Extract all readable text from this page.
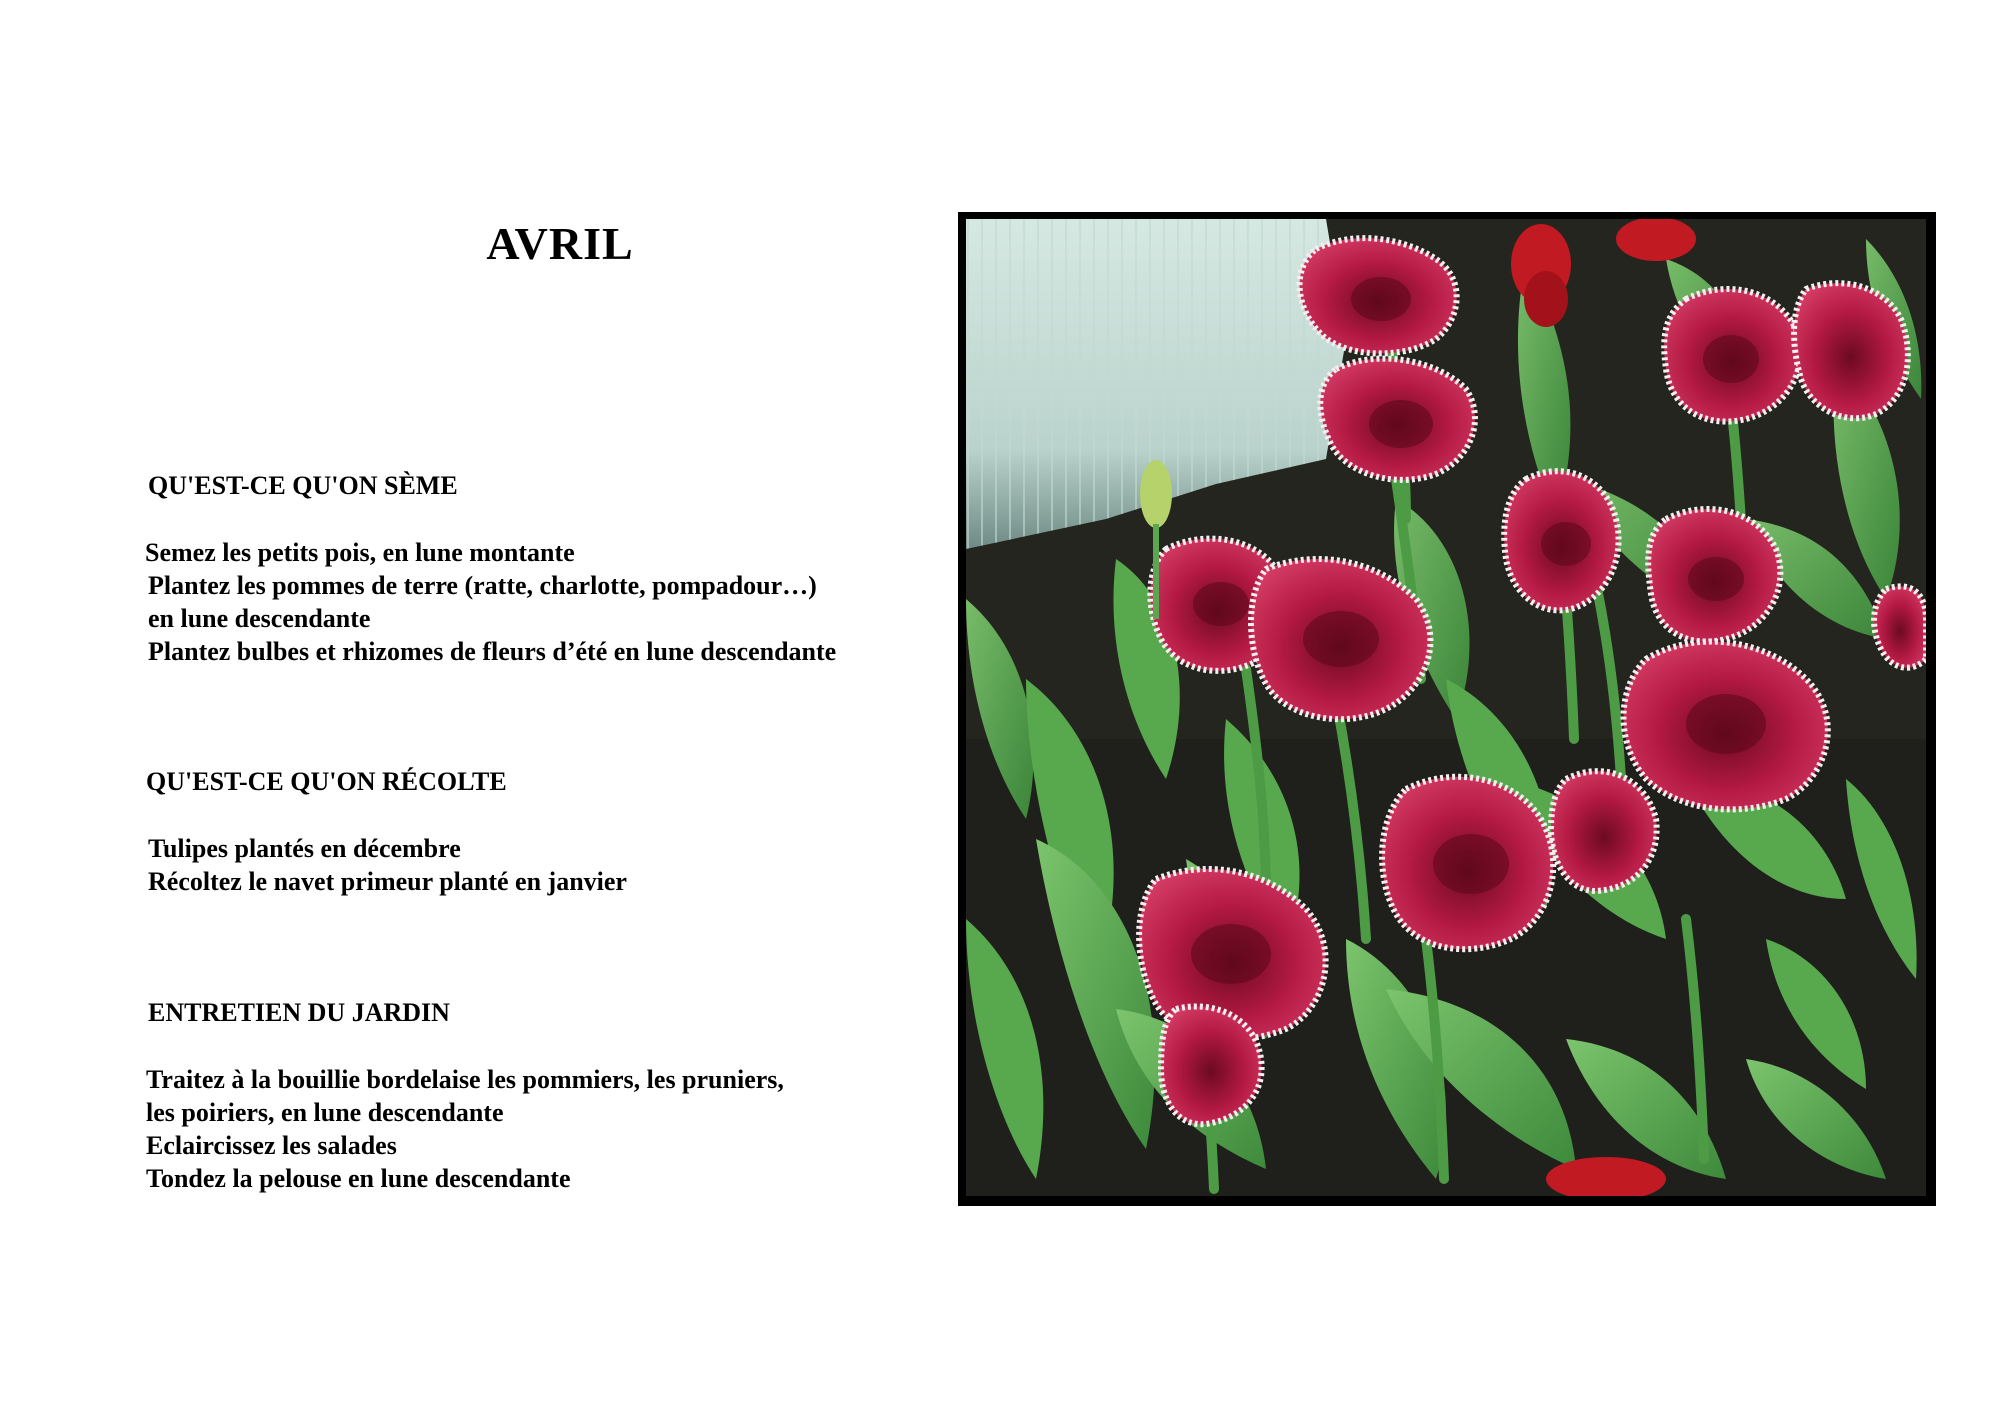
AVRIL
QU'EST-CE QU'ON SÈME
Semez les petits pois, en lune montante
Plantez les pommes de terre (ratte, charlotte, pompadour…)
en lune descendante
Plantez bulbes et rhizomes de fleurs d’été en lune descendante
QU'EST-CE QU'ON RÉCOLTE
Tulipes plantés en décembre
Récoltez le navet primeur planté en janvier
ENTRETIEN DU JARDIN
Traitez à la bouillie bordelaise les pommiers, les pruniers,
les poiriers, en lune descendante
Eclaircissez les salades
Tondez la pelouse en lune descendante
